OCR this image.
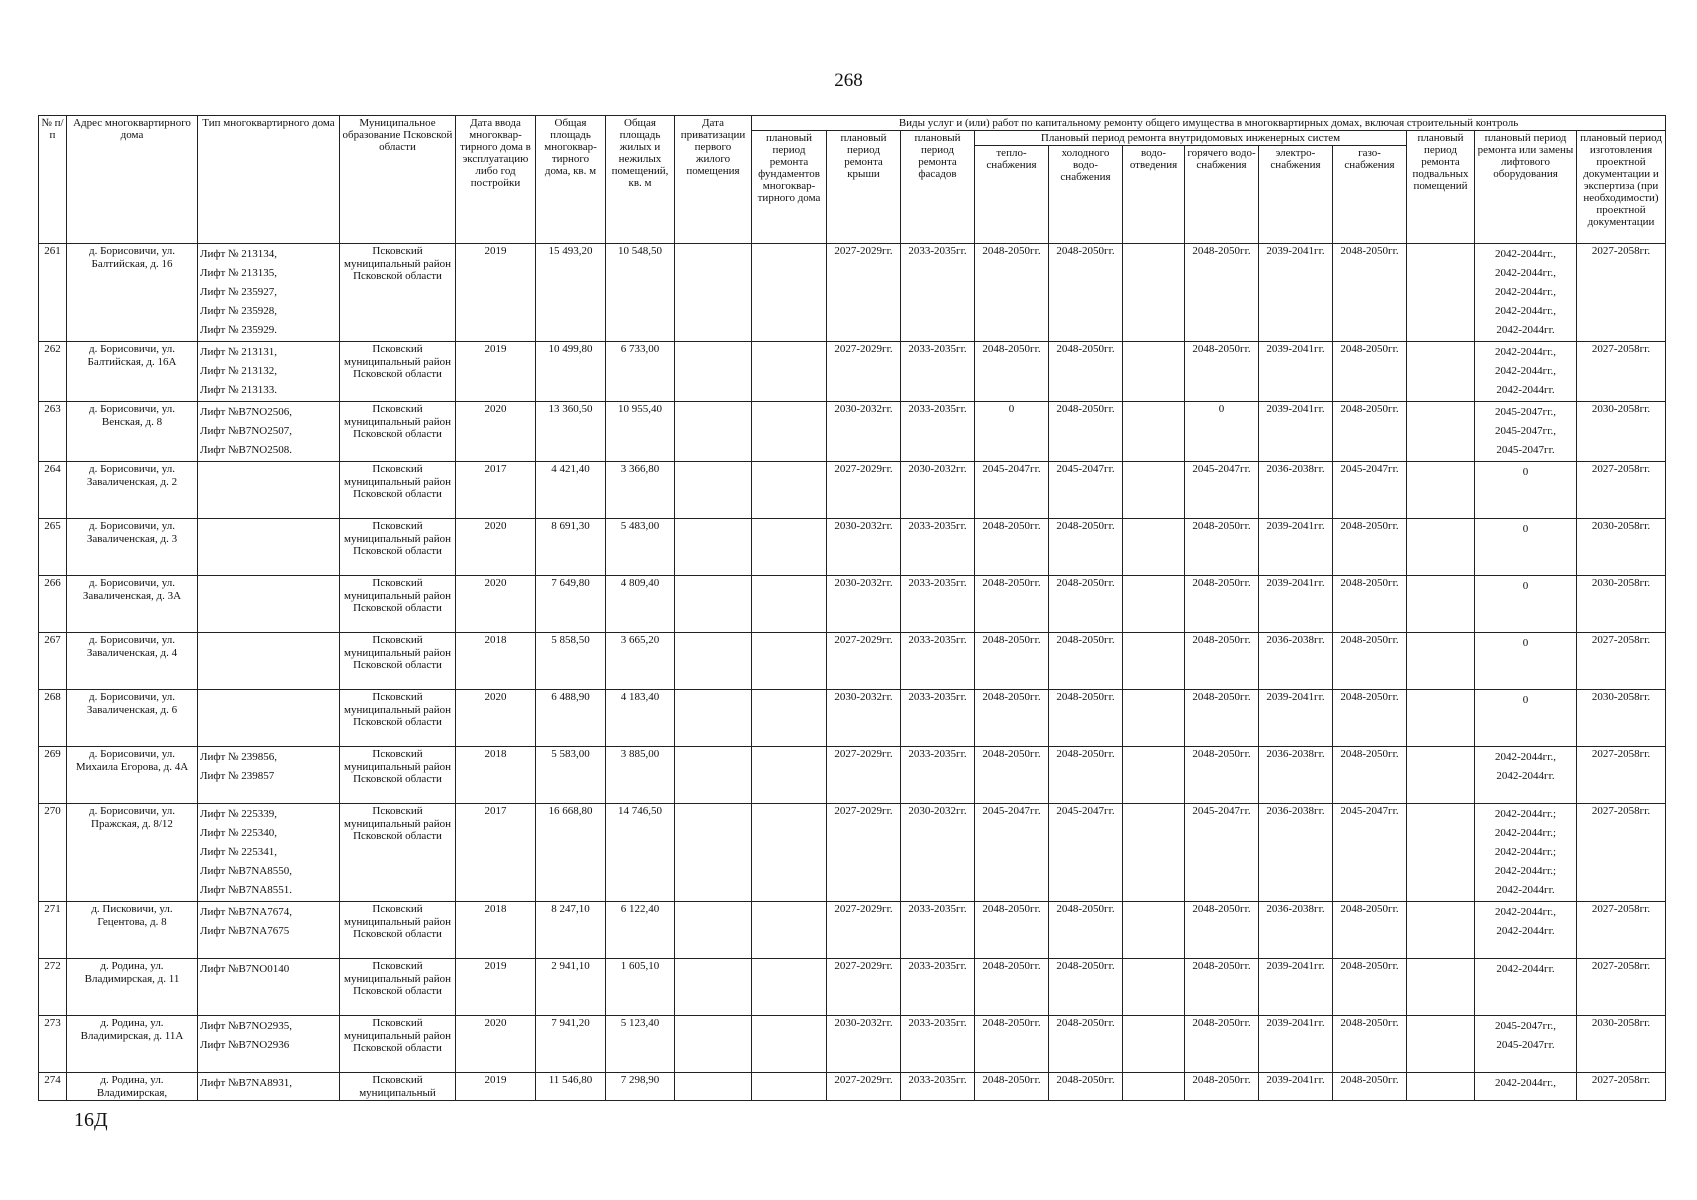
268
№ п/п	Адрес многоквартирного дома	Тип многоквартирного дома	Муниципальное образование Псковской области	Дата ввода многоквар-тирного дома в эксплуатацию либо год постройки	Общая площадь многоквар-тирного дома, кв. м	Общая площадь жилых и нежилых помещений, кв. м	Дата приватизации первого жилого помещения	Виды услуг и (или) работ по капитальному ремонту общего имущества в многоквартирных домах, включая строительный контроль											
								плановый период ремонта фундаментов многоквар-тирного дома	плановый период ремонта крыши	плановый период ремонта фасадов	Плановый период ремонта внутридомовых инженерных систем						плановый период ремонта подвальных помещений	плановый период ремонта или замены лифтового оборудования	плановый период изготовления проектной документации и экспертиза (при необходимости) проектной документации
											тепло-снабжения	холодного водо-снабжения	водо-отведения	горячего водо-снабжения	электро-снабжения	газо-снабжения			
261	д. Борисовичи, ул. Балтийская, д. 16	Лифт № 213134,
Лифт № 213135,
Лифт № 235927,
Лифт № 235928,
Лифт № 235929.	Псковский муниципальный район Псковской области	2019	15 493,20	10 548,50			2027-2029гг.	2033-2035гг.	2048-2050гг.	2048-2050гг.		2048-2050гг.	2039-2041гг.	2048-2050гг.		2042-2044гг.,
2042-2044гг.,
2042-2044гг.,
2042-2044гг.,
2042-2044гг.	2027-2058гг.
262	д. Борисовичи, ул. Балтийская, д. 16А	Лифт № 213131,
Лифт № 213132,
Лифт № 213133.	Псковский муниципальный район Псковской области	2019	10 499,80	6 733,00			2027-2029гг.	2033-2035гг.	2048-2050гг.	2048-2050гг.		2048-2050гг.	2039-2041гг.	2048-2050гг.		2042-2044гг.,
2042-2044гг.,
2042-2044гг.	2027-2058гг.
263	д. Борисовичи, ул. Венская, д. 8	Лифт №B7NO2506,
Лифт №B7NO2507,
Лифт №B7NO2508.	Псковский муниципальный район Псковской области	2020	13 360,50	10 955,40			2030-2032гг.	2033-2035гг.	0	2048-2050гг.		0	2039-2041гг.	2048-2050гг.		2045-2047гг.,
2045-2047гг.,
2045-2047гг.	2030-2058гг.
264	д. Борисовичи, ул. Заваличенская, д. 2		Псковский муниципальный район Псковской области	2017	4 421,40	3 366,80			2027-2029гг.	2030-2032гг.	2045-2047гг.	2045-2047гг.		2045-2047гг.	2036-2038гг.	2045-2047гг.		0	2027-2058гг.
265	д. Борисовичи, ул. Заваличенская, д. 3		Псковский муниципальный район Псковской области	2020	8 691,30	5 483,00			2030-2032гг.	2033-2035гг.	2048-2050гг.	2048-2050гг.		2048-2050гг.	2039-2041гг.	2048-2050гг.		0	2030-2058гг.
266	д. Борисовичи, ул. Заваличенская, д. 3А		Псковский муниципальный район Псковской области	2020	7 649,80	4 809,40			2030-2032гг.	2033-2035гг.	2048-2050гг.	2048-2050гг.		2048-2050гг.	2039-2041гг.	2048-2050гг.		0	2030-2058гг.
267	д. Борисовичи, ул. Заваличенская, д. 4		Псковский муниципальный район Псковской области	2018	5 858,50	3 665,20			2027-2029гг.	2033-2035гг.	2048-2050гг.	2048-2050гг.		2048-2050гг.	2036-2038гг.	2048-2050гг.		0	2027-2058гг.
268	д. Борисовичи, ул. Заваличенская, д. 6		Псковский муниципальный район Псковской области	2020	6 488,90	4 183,40			2030-2032гг.	2033-2035гг.	2048-2050гг.	2048-2050гг.		2048-2050гг.	2039-2041гг.	2048-2050гг.		0	2030-2058гг.
269	д. Борисовичи, ул. Михаила Егорова, д. 4А	Лифт № 239856,
Лифт № 239857	Псковский муниципальный район Псковской области	2018	5 583,00	3 885,00			2027-2029гг.	2033-2035гг.	2048-2050гг.	2048-2050гг.		2048-2050гг.	2036-2038гг.	2048-2050гг.		2042-2044гг.,
2042-2044гг.	2027-2058гг.
270	д. Борисовичи, ул. Пражская, д. 8/12	Лифт № 225339,
Лифт № 225340,
Лифт № 225341,
Лифт №B7NA8550,
Лифт №B7NA8551.	Псковский муниципальный район Псковской области	2017	16 668,80	14 746,50			2027-2029гг.	2030-2032гг.	2045-2047гг.	2045-2047гг.		2045-2047гг.	2036-2038гг.	2045-2047гг.		2042-2044гг.;
2042-2044гг.;
2042-2044гг.;
2042-2044гг.;
2042-2044гг.	2027-2058гг.
271	д. Писковичи, ул. Гецентова, д. 8	Лифт №B7NA7674,
Лифт №B7NA7675	Псковский муниципальный район Псковской области	2018	8 247,10	6 122,40			2027-2029гг.	2033-2035гг.	2048-2050гг.	2048-2050гг.		2048-2050гг.	2036-2038гг.	2048-2050гг.		2042-2044гг.,
2042-2044гг.	2027-2058гг.
272	д. Родина, ул. Владимирская, д. 11	Лифт №B7NO0140	Псковский муниципальный район Псковской области	2019	2 941,10	1 605,10			2027-2029гг.	2033-2035гг.	2048-2050гг.	2048-2050гг.		2048-2050гг.	2039-2041гг.	2048-2050гг.		2042-2044гг.	2027-2058гг.
273	д. Родина, ул. Владимирская, д. 11А	Лифт №B7NO2935,
Лифт №B7NO2936	Псковский муниципальный район Псковской области	2020	7 941,20	5 123,40			2030-2032гг.	2033-2035гг.	2048-2050гг.	2048-2050гг.		2048-2050гг.	2039-2041гг.	2048-2050гг.		2045-2047гг.,
2045-2047гг.	2030-2058гг.
274	д. Родина, ул. Владимирская,	Лифт №B7NA8931,	Псковский муниципальный	2019	11 546,80	7 298,90			2027-2029гг.	2033-2035гг.	2048-2050гг.	2048-2050гг.		2048-2050гг.	2039-2041гг.	2048-2050гг.		2042-2044гг.,	2027-2058гг.
16Д
